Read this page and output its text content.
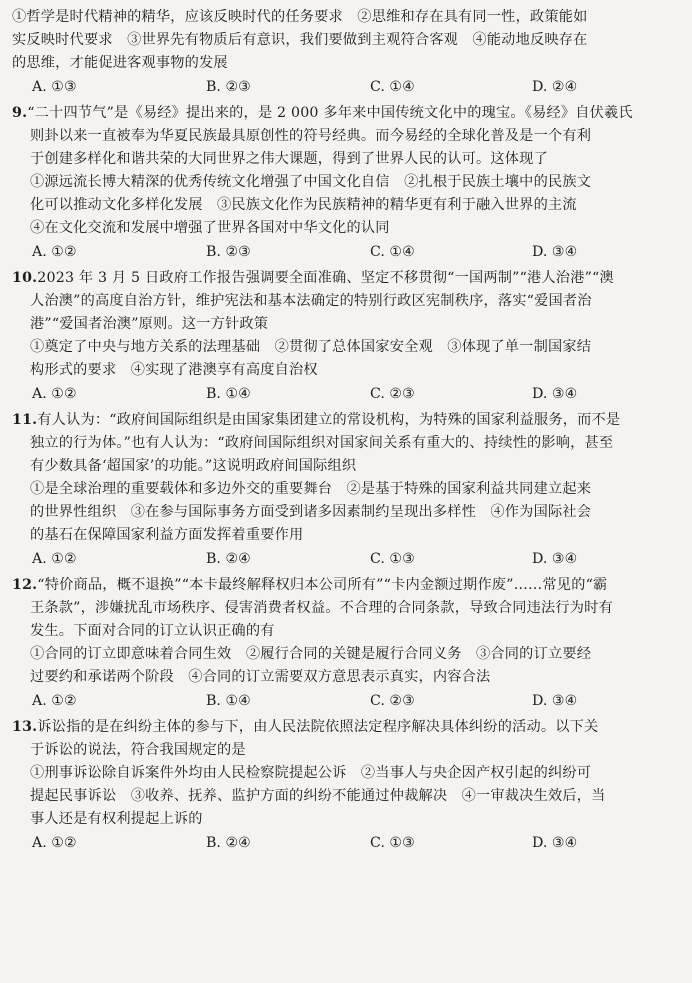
①哲学是时代精神的精华，应该反映时代的任务要求　②思维和存在具有同一性，政策能如
实反映时代要求　③世界先有物质后有意识，我们要做到主观符合客观　④能动地反映存在
的思维，才能促进客观事物的发展
A. ①③	B. ②③	C. ①④	D. ②④
9.“二十四节气”是《易经》提出来的，是 2 000 多年来中国传统文化中的瑰宝。《易经》自伏羲氏
则卦以来一直被奉为华夏民族最具原创性的符号经典。而今易经的全球化普及是一个有利
于创建多样化和谐共荣的大同世界之伟大课题，得到了世界人民的认可。这体现了
①源远流长博大精深的优秀传统文化增强了中国文化自信　②扎根于民族土壤中的民族文
化可以推动文化多样化发展　③民族文化作为民族精神的精华更有利于融入世界的主流
④在文化交流和发展中增强了世界各国对中华文化的认同
A. ①②	B. ②③	C. ①④	D. ③④
10.2023 年 3 月 5 日政府工作报告强调要全面准确、坚定不移贯彻“一国两制”“港人治港”“澳
人治澳”的高度自治方针，维护宪法和基本法确定的特别行政区宪制秩序，落实“爱国者治
港”“爱国者治澳”原则。这一方针政策
①奠定了中央与地方关系的法理基础　②贯彻了总体国家安全观　③体现了单一制国家结
构形式的要求　④实现了港澳享有高度自治权
A. ①②	B. ①④	C. ②③	D. ③④
11.有人认为：“政府间国际组织是由国家集团建立的常设机构，为特殊的国家利益服务，而不是
独立的行为体。”也有人认为：“政府间国际组织对国家间关系有重大的、持续性的影响，甚至
有少数具备‘超国家’的功能。”这说明政府间国际组织
①是全球治理的重要载体和多边外交的重要舞台　②是基于特殊的国家利益共同建立起来
的世界性组织　③在参与国际事务方面受到诸多因素制约呈现出多样性　④作为国际社会
的基石在保障国家利益方面发挥着重要作用
A. ①②	B. ②④	C. ①③	D. ③④
12.“特价商品，概不退换”“本卡最终解释权归本公司所有”“卡内金额过期作废”……常见的“霸
王条款”，涉嫌扰乱市场秩序、侵害消费者权益。不合理的合同条款，导致合同违法行为时有
发生。下面对合同的订立认识正确的有
①合同的订立即意味着合同生效　②履行合同的关键是履行合同义务　③合同的订立要经
过要约和承诺两个阶段　④合同的订立需要双方意思表示真实，内容合法
A. ①②	B. ①④	C. ②③	D. ③④
13.诉讼指的是在纠纷主体的参与下，由人民法院依照法定程序解决具体纠纷的活动。以下关
于诉讼的说法，符合我国规定的是
①刑事诉讼除自诉案件外均由人民检察院提起公诉　②当事人与央企因产权引起的纠纷可
提起民事诉讼　③收养、抚养、监护方面的纠纷不能通过仲裁解决　④一审裁决生效后，当
事人还是有权利提起上诉的
A. ①②	B. ②④	C. ①③	D. ③④
